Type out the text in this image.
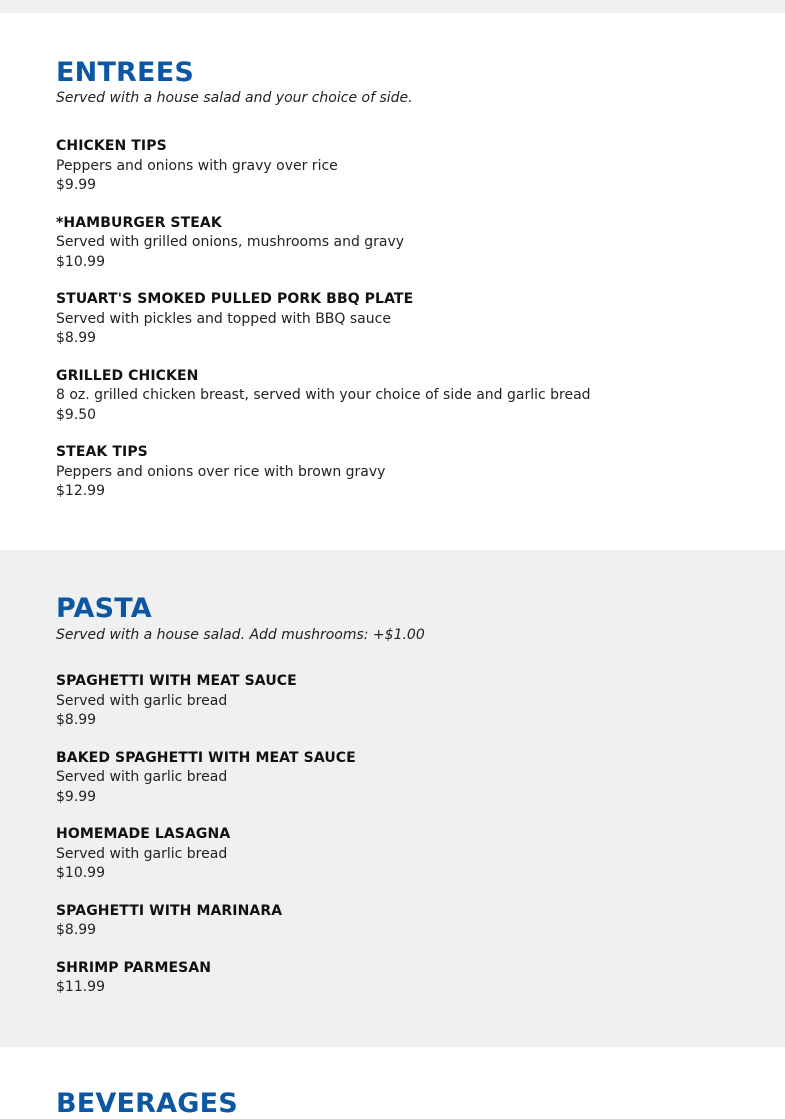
ENTREES

Served with a house salad and your choice of side.

CHICKEN TIPS
Peppers and onions with gravy over rice
$9.99
*HAMBURGER STEAK
Served with grilled onions, mushrooms and gravy
$10.99
STUART'S SMOKED PULLED PORK BBQ PLATE
Served with pickles and topped with BBQ sauce
$8.99
GRILLED CHICKEN
8 oz. grilled chicken breast, served with your choice of side and garlic bread
$9.50
STEAK TIPS
Peppers and onions over rice with brown gravy
$12.99
PASTA

Served with a house salad. Add mushrooms: +$1.00

SPAGHETTI WITH MEAT SAUCE
Served with garlic bread
$8.99
BAKED SPAGHETTI WITH MEAT SAUCE
Served with garlic bread
$9.99
HOMEMADE LASAGNA
Served with garlic bread
$10.99
SPAGHETTI WITH MARINARA
$8.99
SHRIMP PARMESAN
$11.99
BEVERAGES
